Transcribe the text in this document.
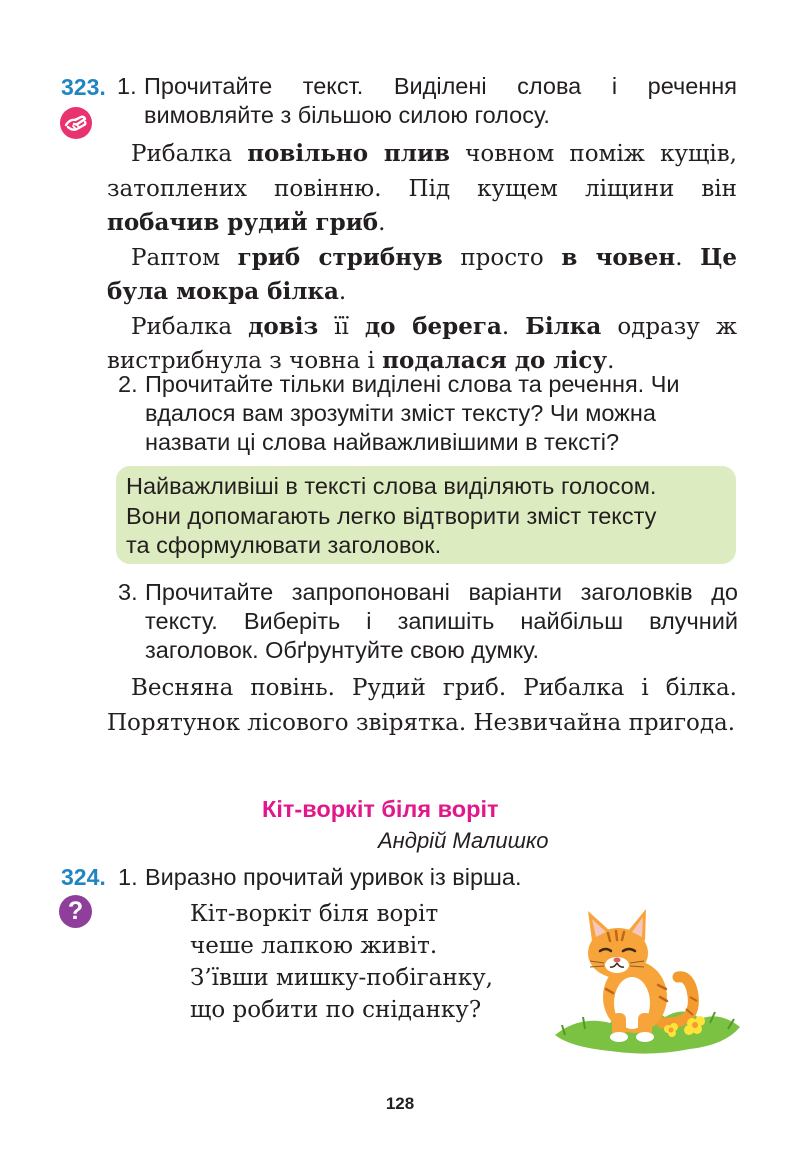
323. 1. Прочитайте текст. Виділені слова і речення вимовляйте з більшою силою голосу.

Рибалка повільно плив човном поміж кущів, затоплених повінню. Під кущем ліщини він побачив рудий гриб.

Раптом гриб стрибнув просто в човен. Це була мокра білка.

Рибалка довіз її до берега. Білка одразу ж вистрибнула з човна і подалася до лісу.

2. Прочитайте тільки виділені слова та речення. Чи вдалося вам зрозуміти зміст тексту? Чи можна назвати ці слова найважливішими в тексті?
Найважливіші в тексті слова виділяють голосом.
Вони допомагають легко відтворити зміст тексту
та сформулювати заголовок.
3. Прочитайте запропоновані варіанти заголовків до тексту. Виберіть і запишіть найбільш влучний заголовок. Обґрунтуйте свою думку.

Весняна повінь. Рудий гриб. Рибалка і білка. Порятунок лісового звірятка. Незвичайна пригода.

Кіт-воркіт біля воріт
Андрій Малишко
324.
?
1. Виразно прочитай уривок із вірша.
Кіт-воркіт біля воріт
чеше лапкою живіт.
З’ївши мишку-побіганку,
що робити по сніданку?
128
